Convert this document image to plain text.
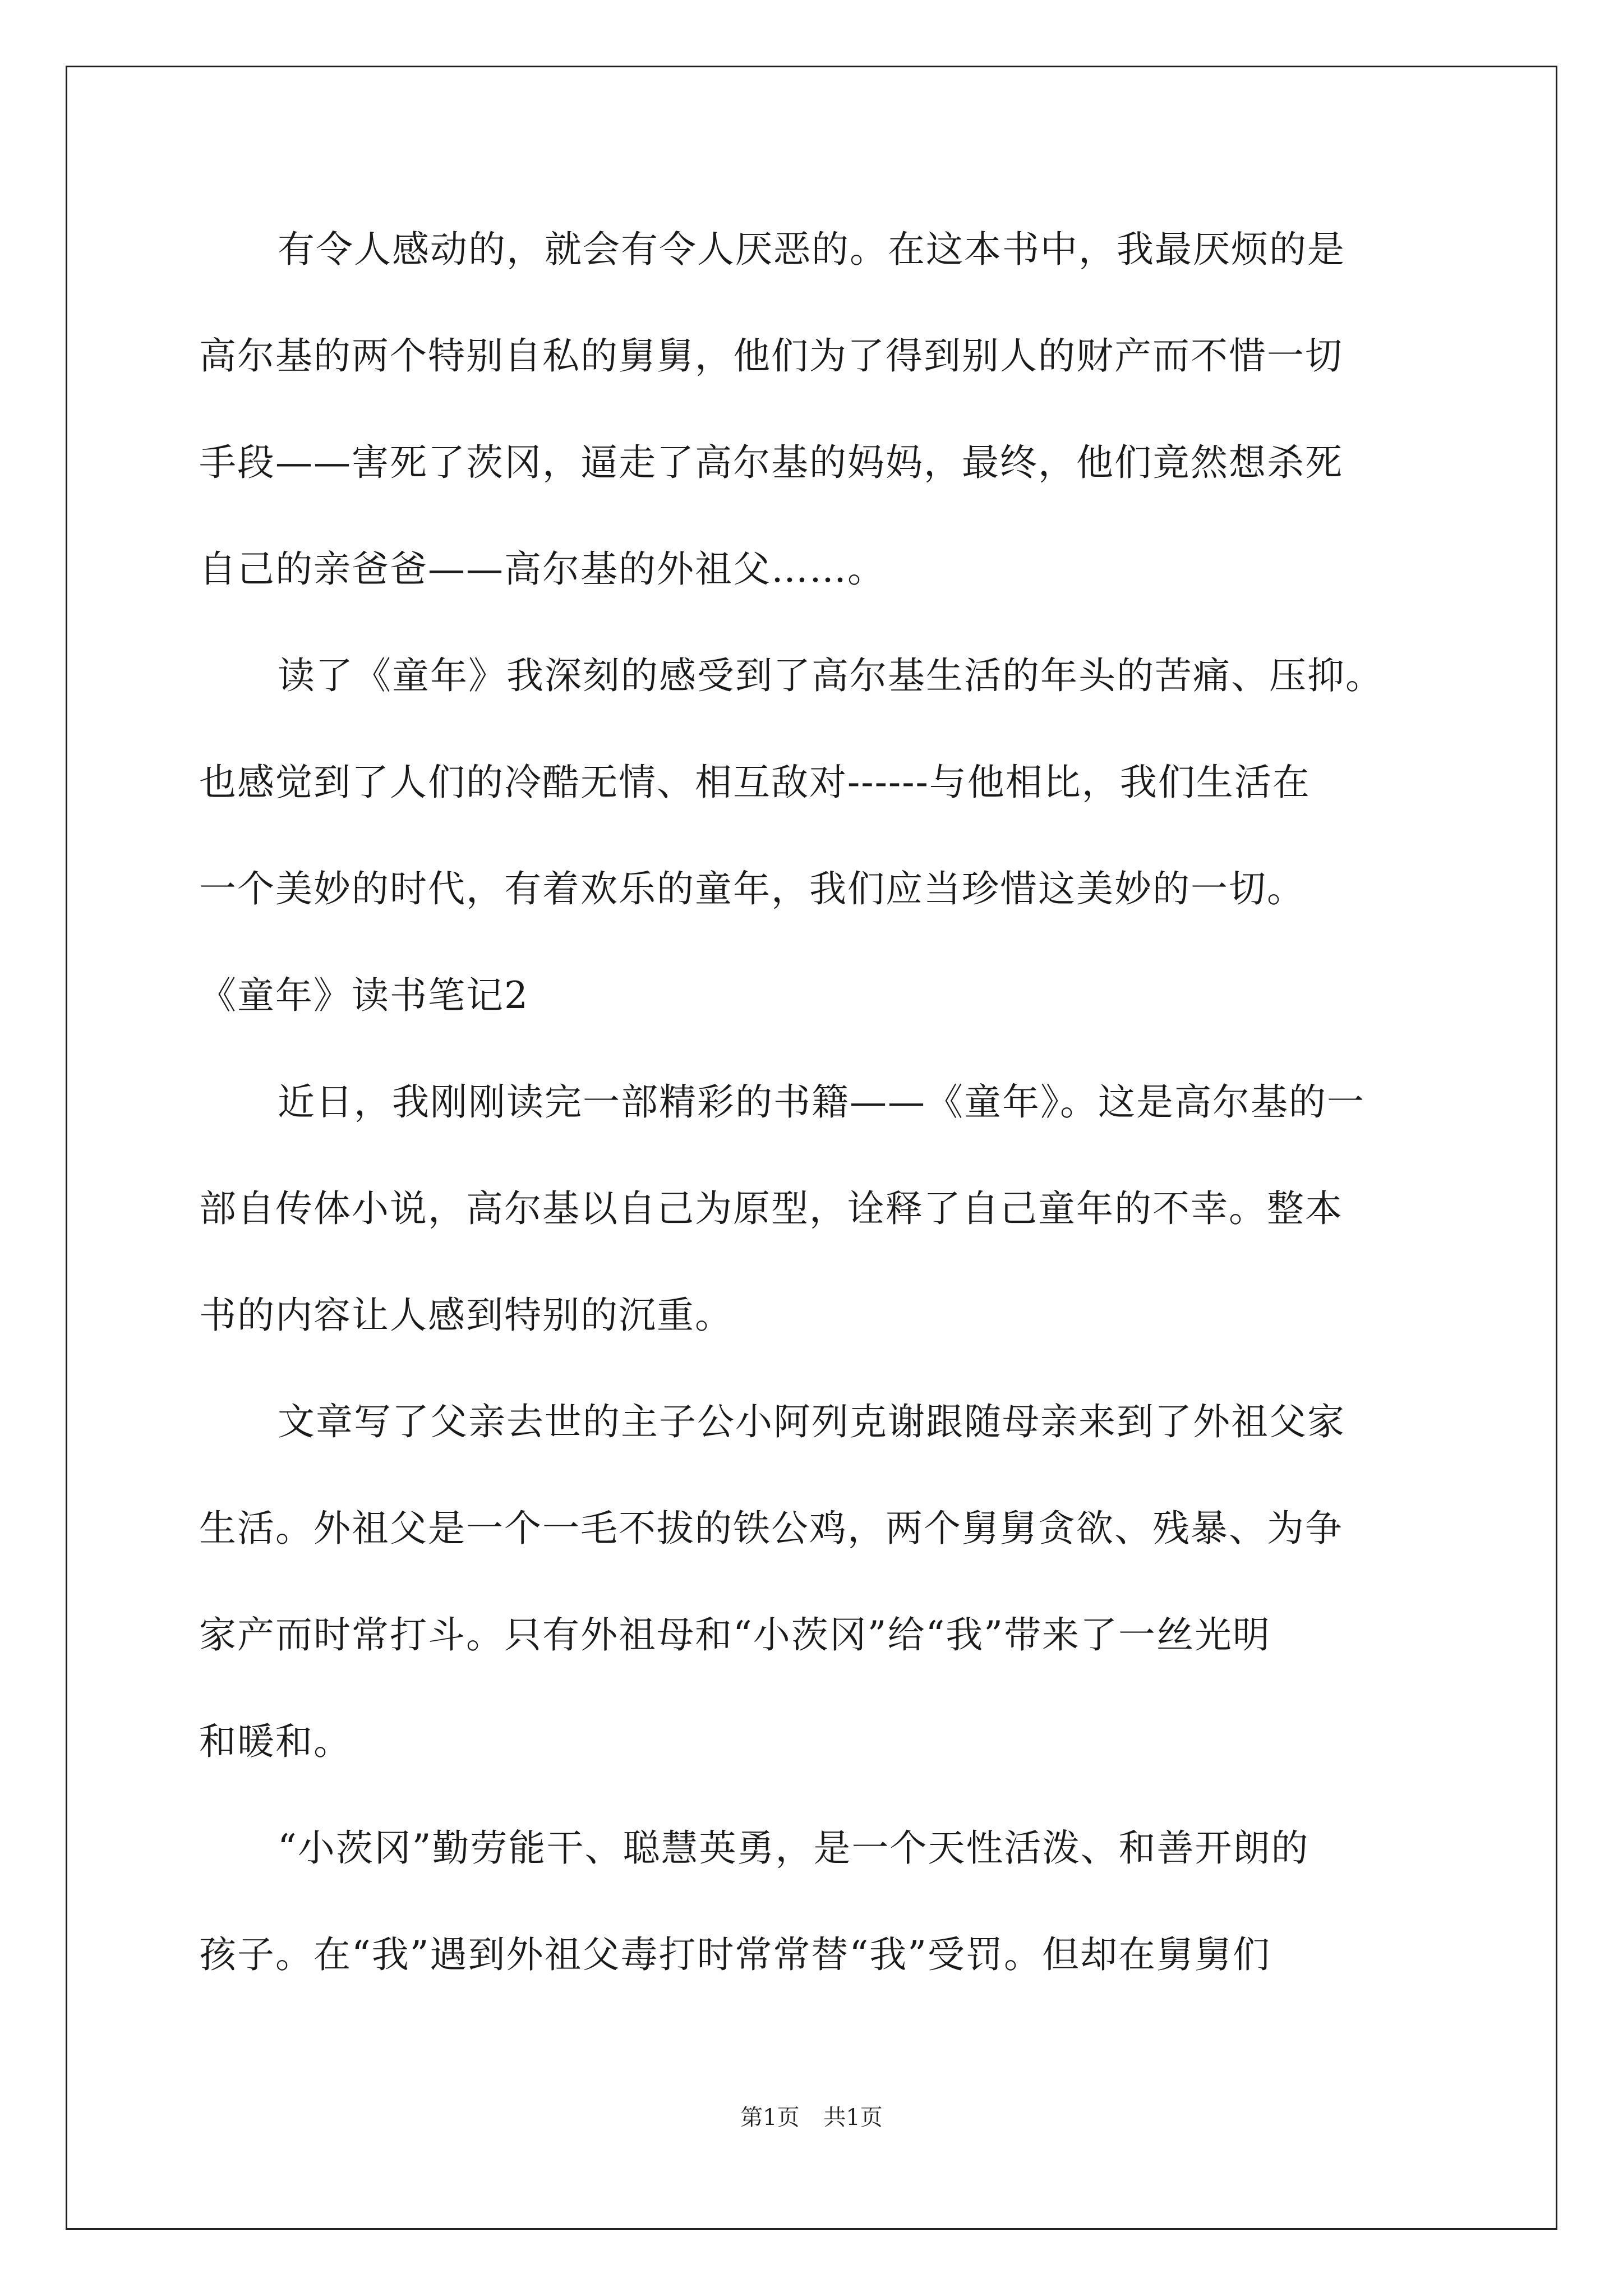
有令人感动的，就会有令人厌恶的。在这本书中，我最厌烦的是
高尔基的两个特别自私的舅舅，他们为了得到别人的财产而不惜一切
手段——害死了茨冈，逼走了高尔基的妈妈，最终，他们竟然想杀死
自己的亲爸爸——高尔基的外祖父……。
读了《童年》我深刻的感受到了高尔基生活的年头的苦痛、压抑。
也感觉到了人们的冷酷无情、相互敌对------与他相比，我们生活在
一个美妙的时代，有着欢乐的童年，我们应当珍惜这美妙的一切。
《童年》读书笔记2
近日，我刚刚读完一部精彩的书籍——《童年》。这是高尔基的一
部自传体小说，高尔基以自己为原型，诠释了自己童年的不幸。整本
书的内容让人感到特别的沉重。
文章写了父亲去世的主子公小阿列克谢跟随母亲来到了外祖父家
生活。外祖父是一个一毛不拔的铁公鸡，两个舅舅贪欲、残暴、为争
家产而时常打斗。只有外祖母和“小茨冈”给“我”带来了一丝光明
和暖和。
“小茨冈”勤劳能干、聪慧英勇，是一个天性活泼、和善开朗的
孩子。在“我”遇到外祖父毒打时常常替“我”受罚。但却在舅舅们
第1页 共1页
